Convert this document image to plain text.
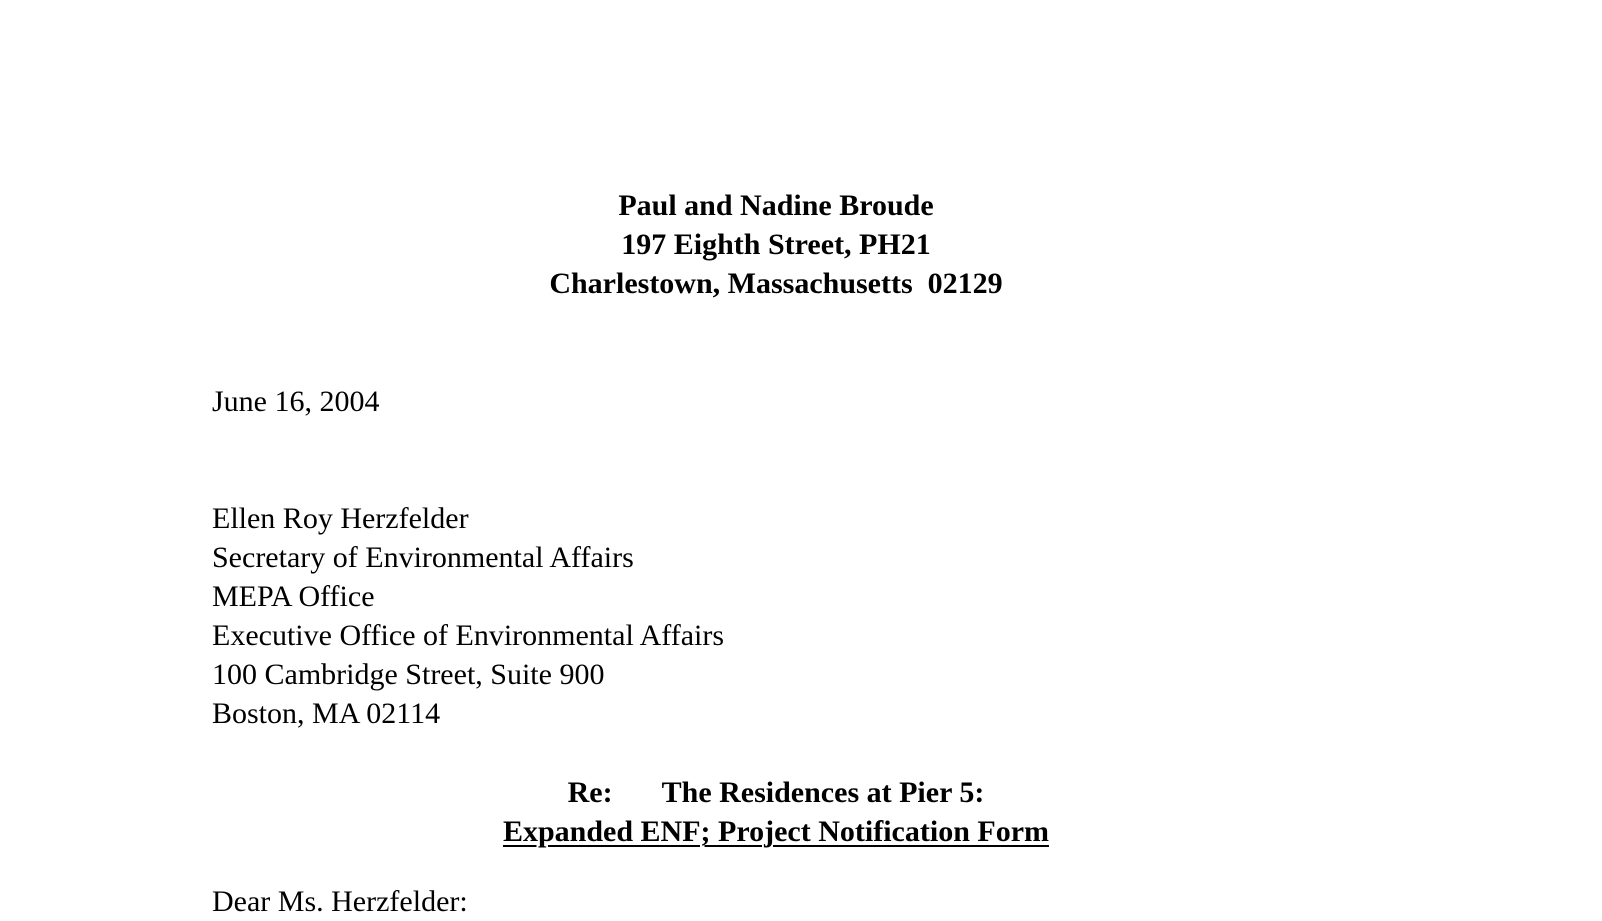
Paul and Nadine Broude
197 Eighth Street, PH21
Charlestown, Massachusetts  02129
June 16, 2004
Ellen Roy Herzfelder
Secretary of Environmental Affairs
MEPA Office
Executive Office of Environmental Affairs
100 Cambridge Street, Suite 900
Boston, MA 02114
Re: The Residences at Pier 5:
Expanded ENF; Project Notification Form
Dear Ms. Herzfelder:
